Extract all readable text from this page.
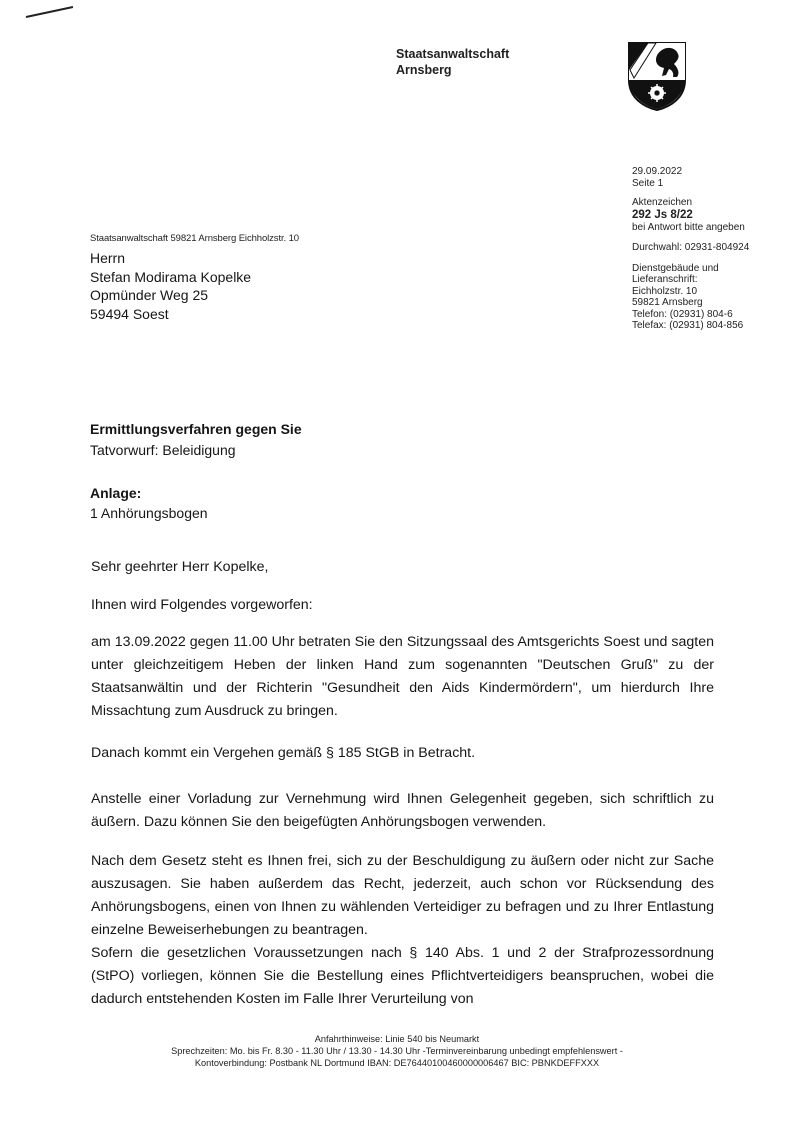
Staatsanwaltschaft
Arnsberg
29.09.2022
Seite 1
Aktenzeichen
292 Js 8/22
bei Antwort bitte angeben
Durchwahl: 02931-804924
Dienstgebäude und
Lieferanschrift:
Eichholzstr. 10
59821 Arnsberg
Telefon: (02931) 804-6
Telefax: (02931) 804-856
Staatsanwaltschaft 59821 Arnsberg Eichholzstr. 10
Herrn
Stefan Modirama Kopelke
Opmünder Weg 25
59494 Soest
Ermittlungsverfahren gegen Sie
Tatvorwurf: Beleidigung
Anlage:
1 Anhörungsbogen

Sehr geehrter Herr Kopelke,

Ihnen wird Folgendes vorgeworfen:

am 13.09.2022 gegen 11.00 Uhr betraten Sie den Sitzungssaal des Amtsgerichts Soest und sagten unter gleichzeitigem Heben der linken Hand zum sogenannten "Deutschen Gruß" zu der Staatsanwältin und der Richterin "Gesundheit den Aids Kindermördern", um hierdurch Ihre Missachtung zum Ausdruck zu bringen.

Danach kommt ein Vergehen gemäß § 185 StGB in Betracht.

Anstelle einer Vorladung zur Vernehmung wird Ihnen Gelegenheit gegeben, sich schriftlich zu äußern. Dazu können Sie den beigefügten Anhörungsbogen verwenden.

Nach dem Gesetz steht es Ihnen frei, sich zu der Beschuldigung zu äußern oder nicht zur Sache auszusagen. Sie haben außerdem das Recht, jederzeit, auch schon vor Rücksendung des Anhörungsbogens, einen von Ihnen zu wählenden Verteidiger zu befragen und zu Ihrer Entlastung einzelne Beweiserhebungen zu beantragen.

Sofern die gesetzlichen Voraussetzungen nach § 140 Abs. 1 und 2 der Strafprozessordnung (StPO) vorliegen, können Sie die Bestellung eines Pflichtverteidigers beanspruchen, wobei die dadurch entstehenden Kosten im Falle Ihrer Verurteilung von

Anfahrthinweise: Linie 540 bis Neumarkt
Sprechzeiten: Mo. bis Fr. 8.30 - 11.30 Uhr / 13.30 - 14.30 Uhr -Terminvereinbarung unbedingt empfehlenswert -
Kontoverbindung: Postbank NL Dortmund IBAN: DE76440100460000006467 BIC: PBNKDEFFXXX
